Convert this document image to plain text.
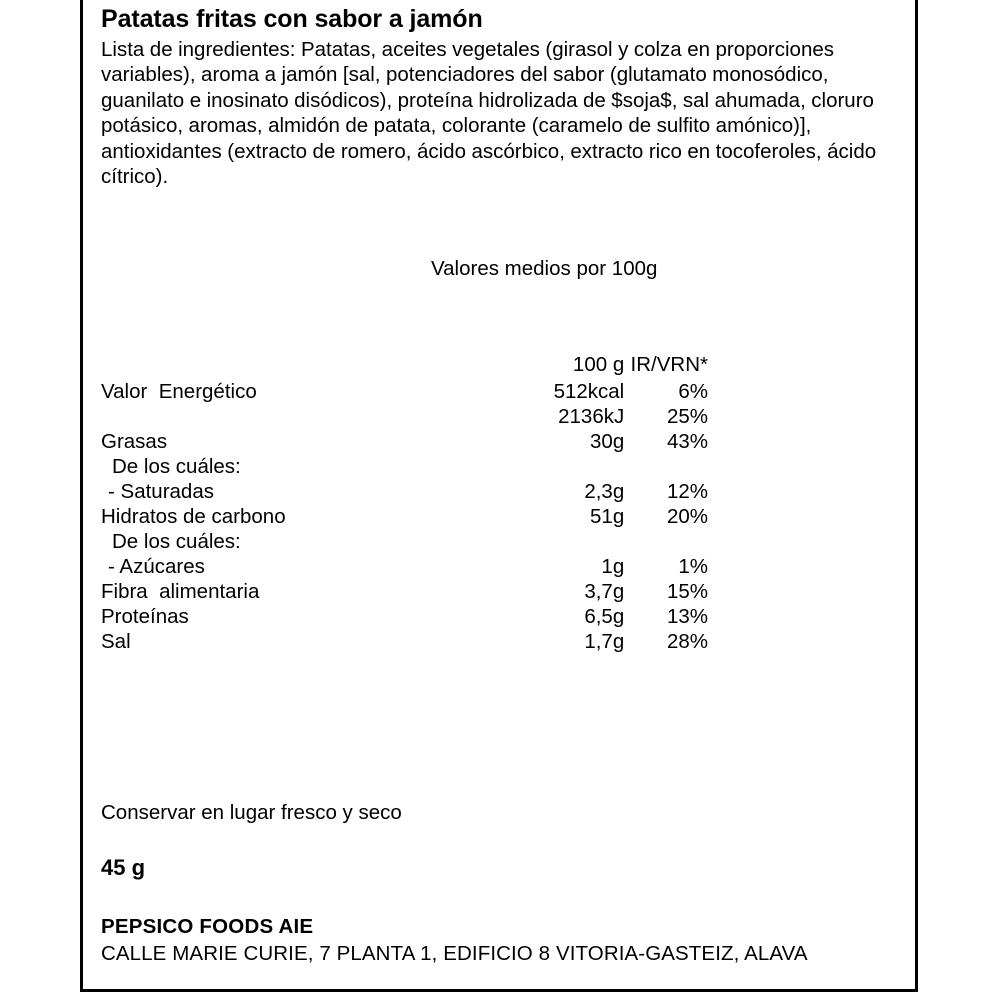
Patatas fritas con sabor a jamón

Lista de ingredientes: Patatas, aceites vegetales (girasol y colza en proporciones variables), aroma a jamón [sal, potenciadores del sabor (glutamato monosódico, guanilato e inosinato disódicos), proteína hidrolizada de $soja$, sal ahumada, cloruro potásico, aromas, almidón de patata, colorante (caramelo de sulfito amónico)], antioxidantes (extracto de romero, ácido ascórbico, extracto rico en tocoferoles, ácido cítrico).

Valores medios por 100g
	100 g	IR/VRN*
Valor  Energético	512kcal	6%
	2136kJ	25%
Grasas	30g	43%
De los cuáles:		
- Saturadas	2,3g	12%
Hidratos de carbono	51g	20%
De los cuáles:		
- Azúcares	1g	1%
Fibra  alimentaria	3,7g	15%
Proteínas	6,5g	13%
Sal	1,7g	28%
Conservar en lugar fresco y seco
45 g
PEPSICO FOODS AIE
CALLE MARIE CURIE, 7 PLANTA 1, EDIFICIO 8 VITORIA-GASTEIZ, ALAVA
